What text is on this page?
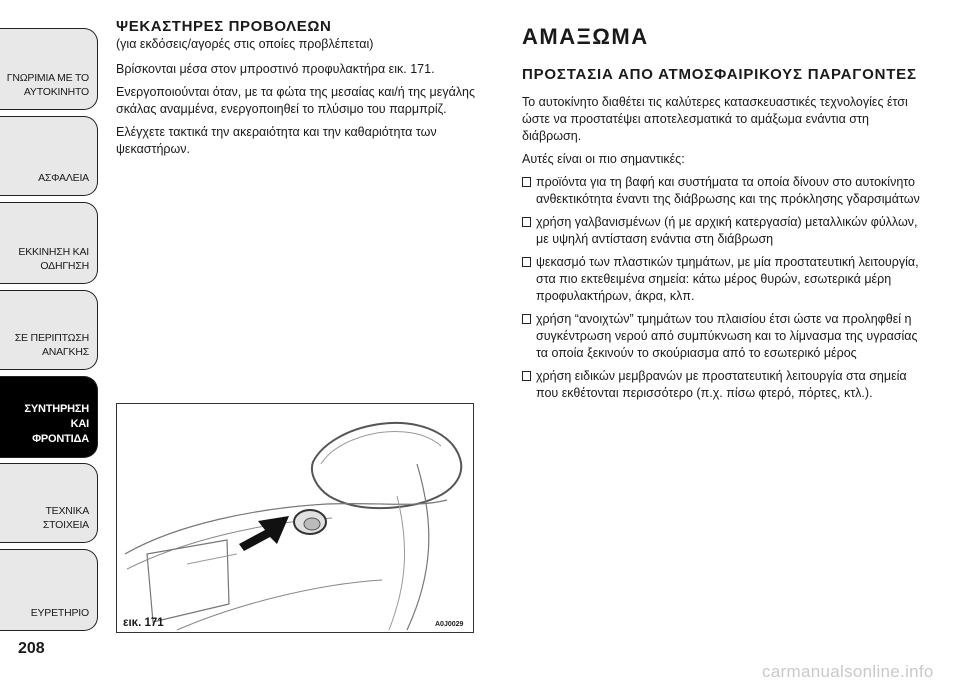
ΓΝΩΡΙΜΙΑ ΜΕ ΤΟ
ΑΥΤΟΚΙΝΗΤΟ
ΑΣΦΑΛΕΙΑ
ΕΚΚΙΝΗΣΗ ΚΑΙ
ΟΔΗΓΗΣΗ
ΣΕ ΠΕΡΙΠΤΩΣΗ
ΑΝΑΓΚΗΣ
ΣΥΝΤΗΡΗΣΗ ΚΑΙ
ΦΡΟΝΤΙΔΑ
ΤΕΧΝΙΚΑ ΣΤΟΙΧΕΙΑ
ΕΥΡΕΤΗΡΙΟ
208
ΨΕΚΑΣΤΗΡΕΣ ΠΡΟΒΟΛΕΩΝ
(για εκδόσεις/αγορές στις οποίες προβλέπεται)

Βρίσκονται μέσα στον μπροστινό προφυλακτήρα εικ. 171.

Ενεργοποιούνται όταν, με τα φώτα της μεσαίας και/ή της μεγάλης σκάλας αναμμένα, ενεργοποιηθεί το πλύσιμο του παρμπρίζ.

Ελέγχετε τακτικά την ακεραιότητα και την καθαριότητα των ψεκαστήρων.

εικ. 171	A0J0029
ΑΜΑΞΩΜΑ
ΠΡΟΣΤΑΣΙΑ ΑΠΟ ΑΤΜΟΣΦΑΙΡΙΚΟΥΣ ΠΑΡΑΓΟΝΤΕΣ

Το αυτοκίνητο διαθέτει τις καλύτερες κατασκευαστικές τεχνολογίες έτσι ώστε να προστατέψει αποτελεσματικά το αμάξωμα ενάντια στη διάβρωση.

Αυτές είναι οι πιο σημαντικές:

προϊόντα για τη βαφή και συστήματα τα οποία δίνουν στο αυτοκίνητο ανθεκτικότητα έναντι της διάβρωσης και της πρόκλησης γδαρσιμάτων
χρήση γαλβανισμένων (ή με αρχική κατεργασία) μεταλλικών φύλλων, με υψηλή αντίσταση ενάντια στη διάβρωση
ψεκασμό των πλαστικών τμημάτων, με μία προστατευτική λειτουργία, στα πιο εκτεθειμένα σημεία: κάτω μέρος θυρών, εσωτερικά μέρη προφυλακτήρων, άκρα, κλπ.
χρήση “ανοιχτών” τμημάτων του πλαισίου έτσι ώστε να προληφθεί η συγκέντρωση νερού από συμπύκνωση και το λίμνασμα της υγρασίας τα οποία ξεκινούν το σκούριασμα από το εσωτερικό μέρος
χρήση ειδικών μεμβρανών με προστατευτική λειτουργία στα σημεία που εκθέτονται περισσότερο (π.χ. πίσω φτερό, πόρτες, κτλ.).
carmanualsonline.info
